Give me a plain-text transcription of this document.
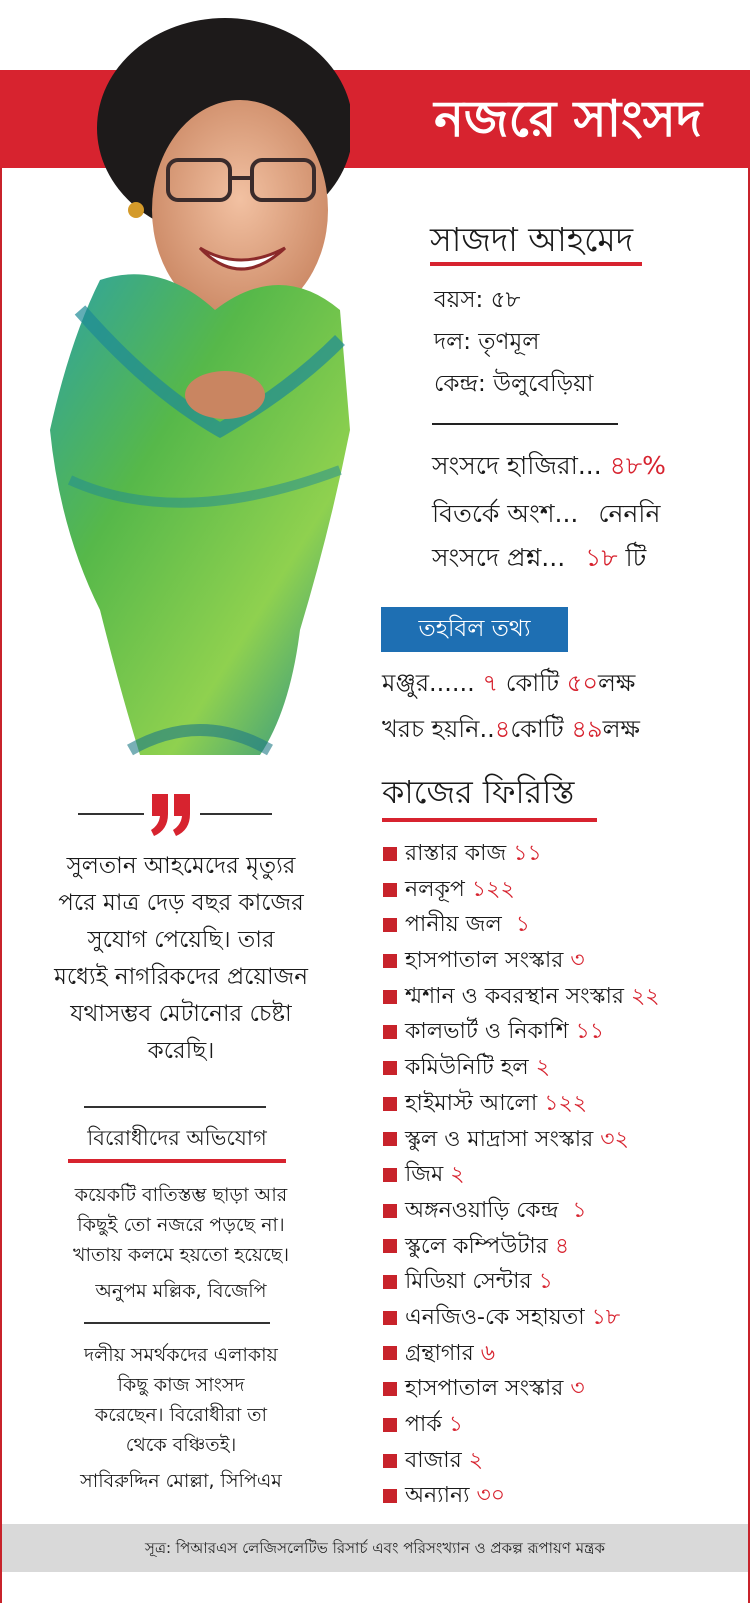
নজরে সাংসদ
সাজদা আহমেদ
বয়স: ৫৮
দল: তৃণমূল
কেন্দ্র: উলুবেড়িয়া
সংসদে হাজিরা... ৪৮%
বিতর্কে অংশ... নেননি
সংসদে প্রশ্ন... ১৮ টি
তহবিল তথ্য
মঞ্জুর...... ৭ কোটি ৫০লক্ষ
খরচ হয়নি..৪কোটি ৪৯লক্ষ
কাজের ফিরিস্তি
রাস্তার কাজ
১১
নলকূপ
১২২
পানীয় জল
১
হাসপাতাল সংস্কার
৩
শ্মশান ও কবরস্থান সংস্কার
২২
কালভার্ট ও নিকাশি
১১
কমিউনিটি হল
২
হাইমাস্ট আলো
১২২
স্কুল ও মাদ্রাসা সংস্কার
৩২
জিম
২
অঙ্গনওয়াড়ি কেন্দ্র
১
স্কুলে কম্পিউটার
৪
মিডিয়া সেন্টার
১
এনজিও-কে সহায়তা
১৮
গ্রন্থাগার
৬
হাসপাতাল সংস্কার
৩
পার্ক
১
বাজার
২
অন্যান্য
৩০
সুলতান আহমেদের মৃত্যুর
পরে মাত্র দেড় বছর কাজের
সুযোগ পেয়েছি। তার
মধ্যেই নাগরিকদের প্রয়োজন
যথাসম্ভব মেটানোর চেষ্টা
করেছি।
বিরোধীদের অভিযোগ
কয়েকটি বাতিস্তম্ভ ছাড়া আর
কিছুই তো নজরে পড়ছে না।
খাতায় কলমে হয়তো হয়েছে।
অনুপম মল্লিক, বিজেপি
দলীয় সমর্থকদের এলাকায়
কিছু কাজ সাংসদ
করেছেন। বিরোধীরা তা
থেকে বঞ্চিতই।
সাবিরুদ্দিন মোল্লা, সিপিএম
সূত্র: পিআরএস লেজিসলেটিভ রিসার্চ এবং পরিসংখ্যান ও প্রকল্প রূপায়ণ মন্ত্রক
